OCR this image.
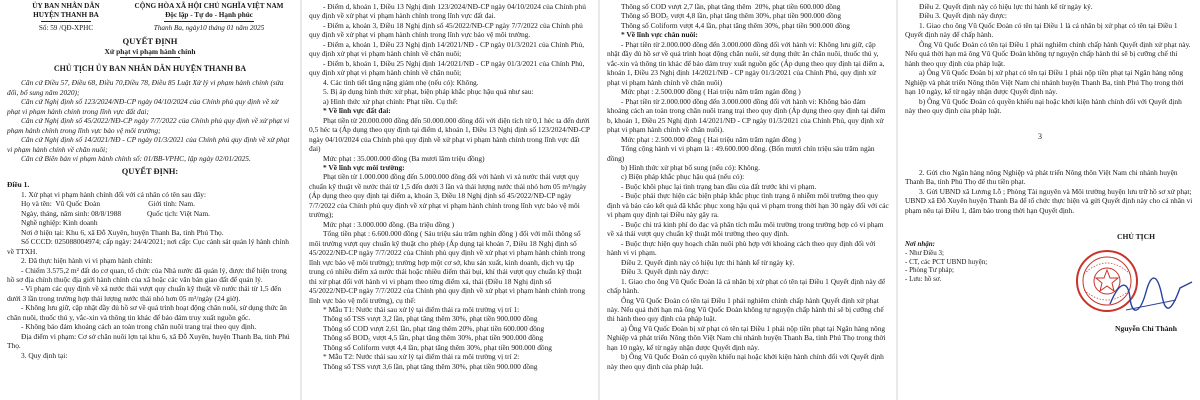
ỦY BAN NHÂN DÂN
HUYỆN THANH BA
Số: 59 /QĐ-XPHC
CỘNG HÒA XÃ HỘI CHỦ NGHĨA VIỆT NAM
Độc lập - Tự do - Hạnh phúc
Thanh Ba, ngày10 tháng 01 năm 2025
QUYẾT ĐỊNH
Xử phạt vi phạm hành chính
CHỦ TỊCH ỦY BAN NHÂN DÂN HUYỆN THANH BA

Căn cứ Điều 57, Điều 68, Điều 70,Điều 78, Điều 85 Luật Xử lý vi phạm hành chính (sửa đổi, bổ sung năm 2020);

Căn cứ Nghị định số 123/2024/NĐ-CP ngày 04/10/2024 của Chính phủ quy định về xử phạt vi phạm hành chính trong lĩnh vực đất đai;

Căn cứ Nghị định số 45/2022/NĐ-CP ngày 7/7/2022 của Chính phủ quy định về xử phạt vi phạm hành chính trong lĩnh vực bảo vệ môi trường;

Căn cứ Nghị định số 14/2021/NĐ - CP ngày 01/3/2021 của Chính phủ quy định về xử phạt vi phạm hành chính về chăn nuôi;

Căn cứ Biên bản vi phạm hành chính số: 01/BB-VPHC, lập ngày 02/01/2025.

QUYẾT ĐỊNH:

Điều 1.

1. Xử phạt vi phạm hành chính đối với cá nhân có tên sau đây:

Họ và tên:  Vũ Quốc Đoàn                          Giới tính: Nam.

Ngày, tháng, năm sinh: 08/8/1988              Quốc tịch: Việt Nam.

Nghề nghiệp: Kinh doanh

Nơi ở hiện tại: Khu 6, xã Đỗ Xuyên, huyện Thanh Ba, tỉnh Phú Thọ.

Số CCCD: 025088004974; cấp ngày: 24/4/2021; nơi cấp: Cục cảnh sát quản lý hành chính về TTXH.

2. Đã thực hiện hành vi vi phạm hành chính:

- Chiếm 3.575,2 m² đất do cơ quan, tổ chức của Nhà nước đã quản lý, được thể hiện trong hồ sơ địa chính thuộc địa giới hành chính của xã hoặc các văn bản giao đất để quản lý.

- Vi phạm các quy định về xả nước thải vượt quy chuẩn kỹ thuật về nước thải từ 1,5 đến dưới 3 lần trong trường hợp thải lượng nước thải nhỏ hơn 05 m³/ngày (24 giờ).

- Không lưu giữ, cập nhật đầy đủ hồ sơ về quá trình hoạt động chăn nuôi, sử dụng thức ăn chăn nuôi, thuốc thú y, vắc-xin và thông tin khác để báo đảm truy xuất nguồn gốc.

- Không báo đảm khoảng cách an toàn trong chăn nuôi trang trại theo quy định.

Địa điểm vi phạm: Cơ sở chăn nuôi lợn tại khu 6, xã Đỗ Xuyên, huyện Thanh Ba, tỉnh Phú Thọ.

3. Quy định tại:

- Điểm d, khoản 1, Điều 13 Nghị định 123/2024/NĐ-CP ngày 04/10/2024 của Chính phủ quy định về xử phạt vi phạm hành chính trong lĩnh vực đất đai.

- Điểm a, khoản 3, Điều 18 Nghị định số 45/2022/NĐ-CP ngày 7/7/2022 của Chính phủ quy định về xử phạt vi phạm hành chính trong lĩnh vực bảo vệ môi trường.

- Điểm a, khoản 1, Điều 23 Nghị định 14/2021/NĐ - CP ngày 01/3/2021 của Chính Phủ, quy định xử phạt vi phạm hành chính về chăn nuôi;

- Điểm b, khoản 1, Điều 25 Nghị định 14/2021/NĐ - CP ngày 01/3/2021 của Chính Phủ, quy định xử phạt vi phạm hành chính về chăn nuôi;

4. Các tình tiết tăng nặng giảm nhẹ (nếu có): Không.

5. Bị áp dụng hình thức xử phạt, biện pháp khắc phục hậu quả như sau:

a) Hình thức xử phạt chính: Phạt tiền. Cụ thể:

* Về lĩnh vực đất đai:

Phạt tiền từ 20.000.000 đồng đến 50.000.000 đồng đối với diện tích từ 0,1 héc ta đến dưới 0,5 héc ta (Áp dụng theo quy định tại điểm d, khoản 1, Điều 13 Nghị định số 123/2024/NĐ-CP ngày 04/10/2024 của Chính phủ quy định về xử phạt vi phạm hành chính trong lĩnh vực đất đai)

Mức phạt : 35.000.000 đồng (Ba mươi lăm triệu đồng)

* Về lĩnh vực môi trường:

Phạt tiền từ 1.000.000 đồng đến 5.000.000 đồng đối với hành vi xả nước thải vượt quy chuẩn kỹ thuật về nước thải từ 1,5 đến dưới 3 lần và thải lượng nước thải nhỏ hơn 05 m³/ngày (Áp dụng theo quy định tại điểm a, khoản 3, Điều 18 Nghị định số 45/2022/NĐ-CP ngày 7/7/2022 của Chính phủ quy định về xử phạt vi phạm hành chính trong lĩnh vực bảo vệ môi trường);

Mức phạt : 3.000.000 đồng. (Ba triệu đồng )

Tổng tiền phạt : 6.600.000 đồng ( Sáu triệu sáu trăm nghìn đồng ) đối với mỗi thông số môi trường vượt quy chuẩn kỹ thuật cho phép (Áp dụng tại khoản 7, Điều 18 Nghị định số 45/2022/NĐ-CP ngày 7/7/2022 của Chính phủ quy định về xử phạt vi phạm hành chính trong lĩnh vực bảo vệ môi trường); trường hợp một cơ sở, khu sản xuất, kinh doanh, dịch vụ tập trung có nhiều điểm xả nước thải hoặc nhiều điểm thải bụi, khí thải vượt quy chuẩn kỹ thuật thì xử phạt đối với hành vi vi phạm theo từng điểm xả, thải (Điều 18 Nghị định số 45/2022/NĐ-CP ngày 7/7/2022 của Chính phủ quy định về xử phạt vi phạm hành chính trong lĩnh vực bảo vệ môi trường), cụ thể:

* Mẫu T1: Nước thải sau xử lý tại điểm thải ra môi trường vị trí 1:

Thông số TSS vượt 3,2 lần, phạt tăng thêm 30%, phạt tiền 900.000 đồng

Thông số COD vượt 2,61 lần, phạt tăng thêm 20%, phạt tiền 600.000 đồng

Thông số BOD₅ vượt 4,5 lần, phạt tăng thêm 30%, phạt tiền 900.000 đồng

Thông số Coliform vượt 4,4 lần, phạt tăng thêm 30%, phạt tiền 900.000 đồng

* Mẫu T2: Nước thải sau xử lý tại điểm thải ra môi trường vị trí 2:

Thông số TSS vượt 3,6 lần, phạt tăng thêm 30%, phạt tiền 900.000 đồng

Thông số COD vượt 2,7 lần, phạt tăng thêm  20%, phạt tiền 600.000 đồng

Thông số BOD₅ vượt 4,8 lần, phạt tăng thêm 30%, phạt tiền 900.000 đồng

Thông số Coliform vượt 4,4 lần, phạt tăng thêm 30%, phạt tiền 900.000 đồng

* Về lĩnh vực chăn nuôi:

- Phạt tiền từ 2.000.000 đồng đến 3.000.000 đồng đối với hành vi: Không lưu giữ, cập nhật đầy đủ hồ sơ về quá trình hoạt động chăn nuôi, sử dụng thức ăn chăn nuôi, thuốc thú y, vắc-xin và thông tin khác để báo đảm truy xuất nguồn gốc (Áp dụng theo quy định tại điểm a, khoản 1, Điều 23 Nghị định 14/2021/NĐ - CP ngày 01/3/2021 của Chính Phủ, quy định xử phạt vi phạm hành chính về chăn nuôi)

Mức phạt : 2.500.000 đồng ( Hai triệu năm trăm ngàn đồng )

- Phạt tiền từ 2.000.000 đồng đến 3.000.000 đồng đối với hành vi: Không báo đảm khoảng cách an toàn trong chăn nuôi trang trại theo quy định (Áp dụng theo quy định tại điểm b, khoản 1, Điều 25 Nghị định 14/2021/NĐ - CP ngày 01/3/2021 của Chính Phủ, quy định xử phạt vi phạm hành chính về chăn nuôi).

Mức phạt : 2.500.000 đồng ( Hai triệu năm trăm ngàn đồng )

Tổng cộng hành vi vi phạm là : 49.600.000 đồng. (Bốn mươi chín triệu sáu trăm ngàn đồng)

b) Hình thức xử phạt bổ sung (nếu có): Không.

c) Biện pháp khắc phục hậu quả (nếu có):

- Buộc khôi phục lại tình trạng ban đầu của đất trước khi vi phạm.

- Buộc phải thực hiện các biện pháp khắc phục tình trạng ô nhiễm môi trường theo quy định và báo cáo kết quả đã khắc phục xong hậu quả vi phạm trong thời hạn 30 ngày đối với các vi phạm quy định tại Điều này gây ra.

- Buộc chi trả kinh phí đo đạc và phân tích mẫu môi trường trong trường hợp có vi phạm về xả thải vượt quy chuẩn kỹ thuật môi trường theo quy định.

- Buộc thực hiện quy hoạch chăn nuôi phù hợp với khoảng cách theo quy định đối với hành vi vi phạm.

Điều 2. Quyết định này có hiệu lực thi hành kể từ ngày ký.

Điều 3. Quyết định này được:

1. Giao cho ông Vũ Quốc Đoàn là cá nhân bị xử phạt có tên tại Điều 1 Quyết định này để chấp hành.

Ông Vũ Quốc Đoàn có tên tại Điều 1 phải nghiêm chỉnh chấp hành Quyết định xử phạt này. Nếu quá thời hạn mà ông Vũ Quốc Đoàn không tự nguyện chấp hành thì sẽ bị cưỡng chế thi hành theo quy định của pháp luật.

a) Ông Vũ Quốc Đoàn bị xử phạt có tên tại Điều 1 phải nộp tiền phạt tại Ngân hàng nông Nghiệp và phát triển Nông thôn Việt Nam chi nhánh huyện Thanh Ba, tỉnh Phú Thọ trong thời hạn 10 ngày, kể từ ngày nhận được Quyết định này.

b) Ông Vũ Quốc Đoàn có quyền khiếu nại hoặc khởi kiện hành chính đối với Quyết định này theo quy định của pháp luật.

Điều 2. Quyết định này có hiệu lực thi hành kể từ ngày ký.

Điều 3. Quyết định này được:

1. Giao cho ông Vũ Quốc Đoàn có tên tại Điều 1 là cá nhân bị xử phạt có tên tại Điều 1 Quyết định này để chấp hành.

Ông Vũ Quốc Đoàn có tên tại Điều 1 phải nghiêm chỉnh chấp hành Quyết định xử phạt này. Nếu quá thời hạn mà ông Vũ Quốc Đoàn không tự nguyện chấp hành thì sẽ bị cưỡng chế thi hành theo quy định của pháp luật.

a) Ông Vũ Quốc Đoàn bị xử phạt có tên tại Điều 1 phải nộp tiền phạt tại Ngân hàng nông Nghiệp và phát triển Nông thôn Việt Nam chi nhánh huyện Thanh Ba, tỉnh Phú Thọ trong thời hạn 10 ngày, kể từ ngày nhận được Quyết định này.

b) Ông Vũ Quốc Đoàn có quyền khiếu nại hoặc khởi kiện hành chính đối với Quyết định này theo quy định của pháp luật.

3

2. Gửi cho Ngân hàng nông Nghiệp và phát triển Nông thôn Việt Nam chi nhánh huyện Thanh Ba, tỉnh Phú Thọ để thu tiền phạt.

3. Gửi UBND xã Lương Lỗ ; Phòng Tài nguyên và Môi trường huyện lưu trữ hồ sơ xử phạt; UBND xã Đỗ Xuyên huyện Thanh Ba để tổ chức thực hiện và gửi Quyết định này cho cá nhân vi phạm nêu tại Điều 1, đăm bảo trong thời hạn Quyết định.

Nơi nhận:
- Như Điều 3;
- CT, các PCT UBND huyện;
- Phòng Tư pháp;
- Lưu: hồ sơ.
CHỦ TỊCH
Nguyễn Chí Thành
